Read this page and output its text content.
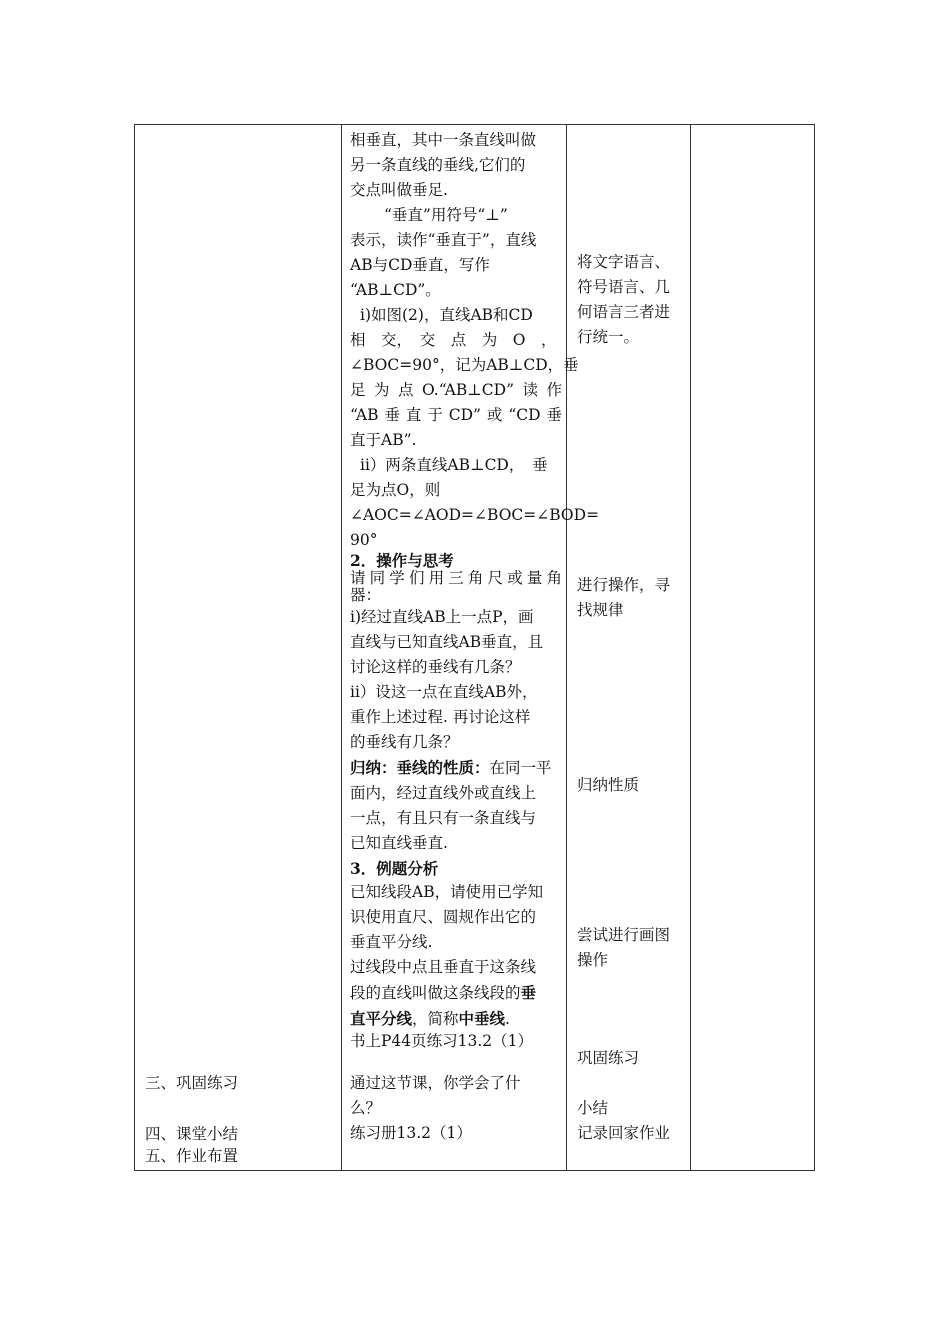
三、巩固练习
四、课堂小结
五、作业布置
相垂直，其中一条直线叫做
另一条直线的垂线,它们的
交点叫做垂足.
“垂直”用符号“⊥”
表示，读作“垂直于”，直线
AB与CD垂直，写作
“AB⊥CD”。
ⅰ)如图(2)，直线AB和CD
相　交，　交　点　为　O　，
∠BOC=90°，记为AB⊥CD，垂
足为点O.“AB⊥CD”读作
“AB垂直于CD”或“CD垂
直于AB”.
ⅱ）两条直线AB⊥CD，　垂
足为点O，则
∠AOC=∠AOD=∠BOC=∠BOD=
90°
2．操作与思考
请同学们用三角尺或量角
器：
ⅰ)经过直线AB上一点P，画
直线与已知直线AB垂直，且
讨论这样的垂线有几条？
ⅱ）设这一点在直线AB外，
重作上述过程. 再讨论这样
的垂线有几条？
归纳：垂线的性质：在同一平
面内，经过直线外或直线上
一点，有且只有一条直线与
已知直线垂直.
3．例题分析
已知线段AB，请使用已学知
识使用直尺、圆规作出它的
垂直平分线.
过线段中点且垂直于这条线
段的直线叫做这条线段的垂
直平分线，简称中垂线.
书上P44页练习13.2（1）
通过这节课，你学会了什
么？
练习册13.2（1）
将文字语言、
符号语言、几
何语言三者进
行统一。
进行操作，寻
找规律
归纳性质
尝试进行画图
操作
巩固练习
小结
记录回家作业
